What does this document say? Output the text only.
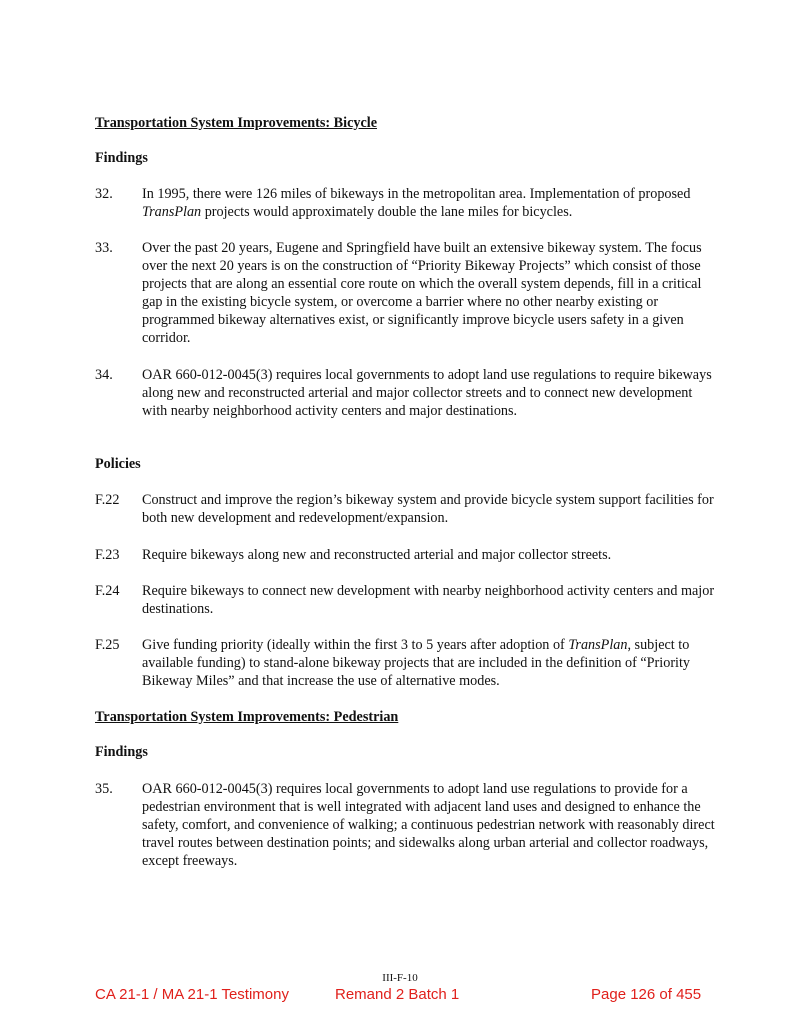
Transportation System Improvements: Bicycle
Findings
32. In 1995, there were 126 miles of bikeways in the metropolitan area. Implementation of proposed TransPlan projects would approximately double the lane miles for bicycles.
33. Over the past 20 years, Eugene and Springfield have built an extensive bikeway system. The focus over the next 20 years is on the construction of “Priority Bikeway Projects” which consist of those projects that are along an essential core route on which the overall system depends, fill in a critical gap in the existing bicycle system, or overcome a barrier where no other nearby existing or programmed bikeway alternatives exist, or significantly improve bicycle users safety in a given corridor.
34. OAR 660-012-0045(3) requires local governments to adopt land use regulations to require bikeways along new and reconstructed arterial and major collector streets and to connect new development with nearby neighborhood activity centers and major destinations.
Policies
F.22 Construct and improve the region’s bikeway system and provide bicycle system support facilities for both new development and redevelopment/expansion.
F.23 Require bikeways along new and reconstructed arterial and major collector streets.
F.24 Require bikeways to connect new development with nearby neighborhood activity centers and major destinations.
F.25 Give funding priority (ideally within the first 3 to 5 years after adoption of TransPlan, subject to available funding) to stand-alone bikeway projects that are included in the definition of “Priority Bikeway Miles” and that increase the use of alternative modes.
Transportation System Improvements: Pedestrian
Findings
35. OAR 660-012-0045(3) requires local governments to adopt land use regulations to provide for a pedestrian environment that is well integrated with adjacent land uses and designed to enhance the safety, comfort, and convenience of walking; a continuous pedestrian network with reasonably direct travel routes between destination points; and sidewalks along urban arterial and collector roadways, except freeways.
III-F-10
CA 21-1 / MA 21-1 Testimony	Remand 2 Batch 1	Page 126 of 455
